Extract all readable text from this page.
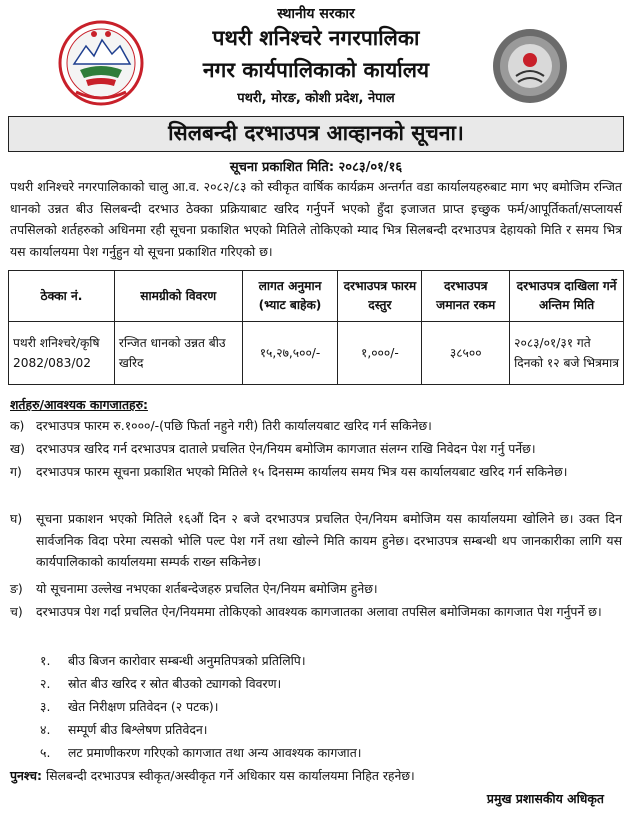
स्थानीय सरकार
पथरी शनिश्चरे नगरपालिका
नगर कार्यपालिकाको कार्यालय
पथरी, मोरङ, कोशी प्रदेश, नेपाल
सिलबन्दी दरभाउपत्र आव्हानको सूचना।
सूचना प्रकाशित मिति: २०८३/०१/१६
पथरी शनिश्चरे नगरपालिकाको चालु आ.व. २०८२/८३ को स्वीकृत वार्षिक कार्यक्रम अन्तर्गत वडा कार्यालयहरुबाट माग भए बमोजिम रन्जित धानको उन्नत बीउ सिलबन्दी दरभाउ ठेक्का प्रक्रियाबाट खरिद गर्नुपर्ने भएको हुँदा इजाजत प्राप्त इच्छुक फर्म/आपूर्तिकर्ता/सप्लायर्स तपसिलको शर्तहरुको अधिनमा रही सूचना प्रकाशित भएको मितिले तोकिएको म्याद भित्र सिलबन्दी दरभाउपत्र देहायको मिति र समय भित्र यस कार्यालयमा पेश गर्नुहुन यो सूचना प्रकाशित गरिएको छ।
ठेक्का नं.	सामग्रीको विवरण	लागत अनुमान (भ्याट बाहेक)	दरभाउपत्र फारम दस्तुर	दरभाउपत्र जमानत रकम	दरभाउपत्र दाखिला गर्ने अन्तिम मिति
पथरी शनिश्चरे/कृषि 2082/083/02	रन्जित धानको उन्नत बीउ खरिद	१५,२७,५००/-	१,०००/-	३८५००	२०८३/०१/३१ गते दिनको १२ बजे भित्रमात्र
शर्तहरु/आवश्यक कागजातहरु:
क) दरभाउपत्र फारम रु.१०००/-(पछि फिर्ता नहुने गरी) तिरी कार्यालयबाट खरिद गर्न सकिनेछ।
ख) दरभाउपत्र खरिद गर्न दरभाउपत्र दाताले प्रचलित ऐन/नियम बमोजिम कागजात संलग्न राखि निवेदन पेश गर्नु पर्नेछ।
ग)	दरभाउपत्र फारम सूचना प्रकाशित भएको मितिले १५ दिनसम्म कार्यालय समय भित्र यस कार्यालयबाट खरिद गर्न सकिनेछ।
घ)	सूचना प्रकाशन भएको मितिले १६औं दिन २ बजे दरभाउपत्र प्रचलित ऐन/नियम बमोजिम यस कार्यालयमा खोलिने छ। उक्त दिन सार्वजनिक विदा परेमा त्यसको भोलि पल्ट पेश गर्ने तथा खोल्ने मिति कायम हुनेछ। दरभाउपत्र सम्बन्धी थप जानकारीका लागि यस कार्यपालिकाको कार्यालयमा सम्पर्क राख्न सकिनेछ।
ङ)	यो सूचनामा उल्लेख नभएका शर्तबन्देजहरु प्रचलित ऐन/नियम बमोजिम हुनेछ।
च)	दरभाउपत्र पेश गर्दा प्रचलित ऐन/नियममा तोकिएको आवश्यक कागजातका अलावा तपसिल बमोजिमका कागजात पेश गर्नुपर्ने छ।
१. बीउ बिजन कारोवार सम्बन्धी अनुमतिपत्रको प्रतिलिपि।
२. स्रोत बीउ खरिद र स्रोत बीउको ट्यागको विवरण।
३. खेत निरीक्षण प्रतिवेदन (२ पटक)।
४. सम्पूर्ण बीउ बिश्लेषण प्रतिवेदन।
५. लट प्रमाणीकरण गरिएको कागजात तथा अन्य आवश्यक कागजात।
पुनश्च: सिलबन्दी दरभाउपत्र स्वीकृत/अस्वीकृत गर्ने अधिकार यस कार्यालयमा निहित रहनेछ।
प्रमुख प्रशासकीय अधिकृत
